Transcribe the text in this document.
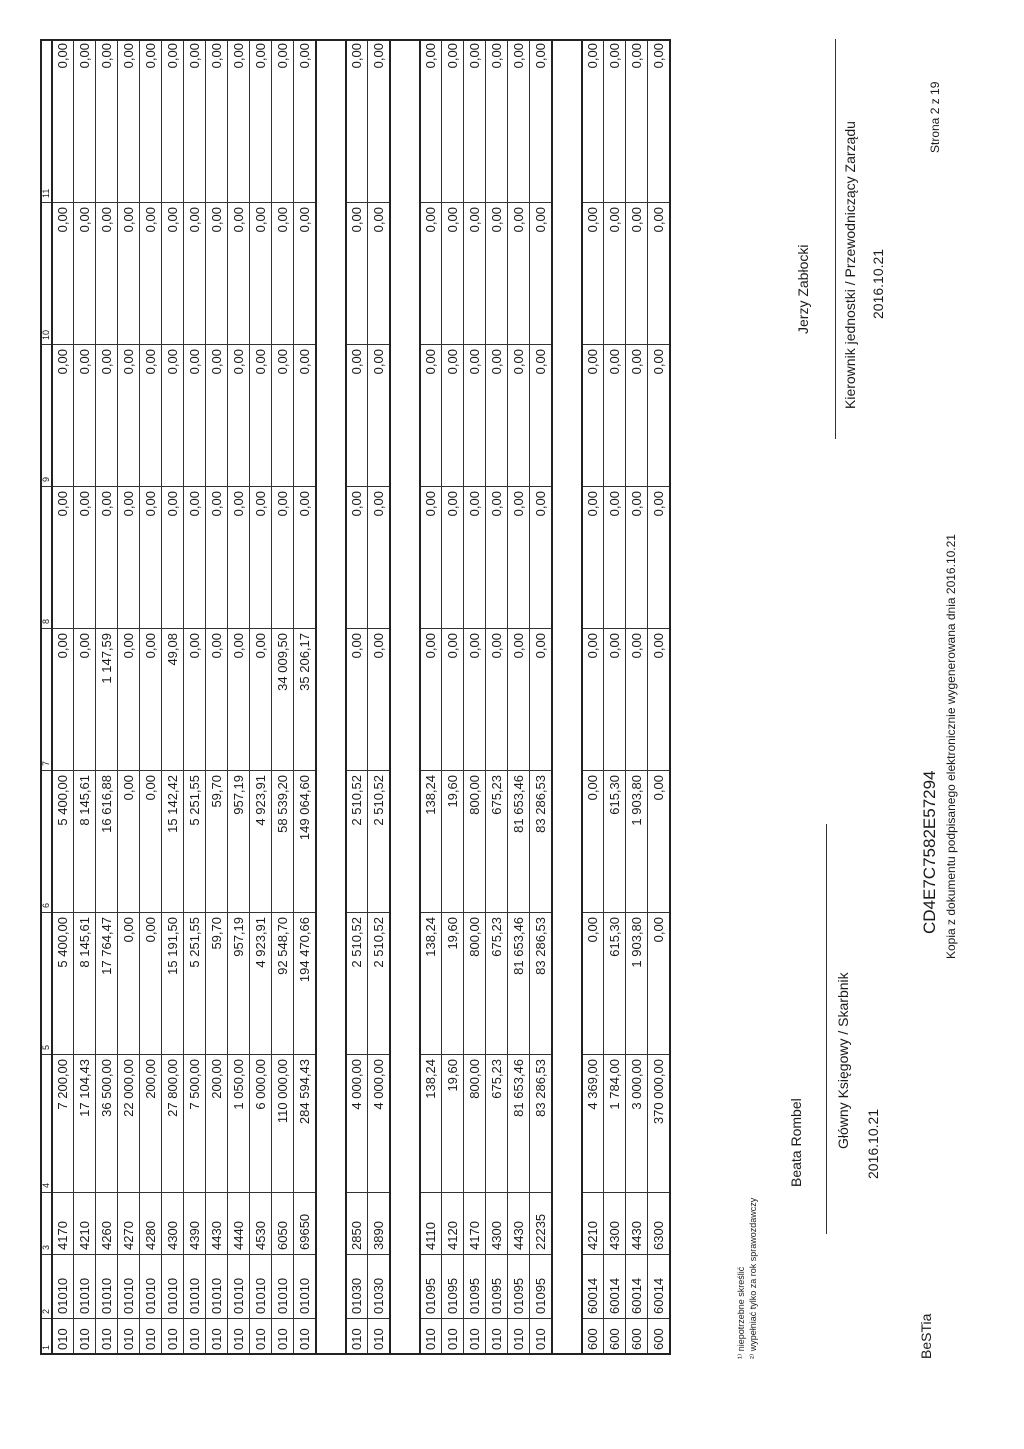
1
2
3
4
5
6
7
8
9
10
11
010
01010
4170
7 200,00
5 400,00
5 400,00
0,00
0,00
0,00
0,00
0,00
010
01010
4210
17 104,43
8 145,61
8 145,61
0,00
0,00
0,00
0,00
0,00
010
01010
4260
36 500,00
17 764,47
16 616,88
1 147,59
0,00
0,00
0,00
0,00
010
01010
4270
22 000,00
0,00
0,00
0,00
0,00
0,00
0,00
0,00
010
01010
4280
200,00
0,00
0,00
0,00
0,00
0,00
0,00
0,00
010
01010
4300
27 800,00
15 191,50
15 142,42
49,08
0,00
0,00
0,00
0,00
010
01010
4390
7 500,00
5 251,55
5 251,55
0,00
0,00
0,00
0,00
0,00
010
01010
4430
200,00
59,70
59,70
0,00
0,00
0,00
0,00
0,00
010
01010
4440
1 050,00
957,19
957,19
0,00
0,00
0,00
0,00
0,00
010
01010
4530
6 000,00
4 923,91
4 923,91
0,00
0,00
0,00
0,00
0,00
010
01010
6050
110 000,00
92 548,70
58 539,20
34 009,50
0,00
0,00
0,00
0,00
010
01010
69650
284 594,43
194 470,66
149 064,60
35 206,17
0,00
0,00
0,00
0,00
010
01030
2850
4 000,00
2 510,52
2 510,52
0,00
0,00
0,00
0,00
0,00
010
01030
3890
4 000,00
2 510,52
2 510,52
0,00
0,00
0,00
0,00
0,00
010
01095
4110
138,24
138,24
138,24
0,00
0,00
0,00
0,00
0,00
010
01095
4120
19,60
19,60
19,60
0,00
0,00
0,00
0,00
0,00
010
01095
4170
800,00
800,00
800,00
0,00
0,00
0,00
0,00
0,00
010
01095
4300
675,23
675,23
675,23
0,00
0,00
0,00
0,00
0,00
010
01095
4430
81 653,46
81 653,46
81 653,46
0,00
0,00
0,00
0,00
0,00
010
01095
22235
83 286,53
83 286,53
83 286,53
0,00
0,00
0,00
0,00
0,00
600
60014
4210
4 369,00
0,00
0,00
0,00
0,00
0,00
0,00
0,00
600
60014
4300
1 784,00
615,30
615,30
0,00
0,00
0,00
0,00
0,00
600
60014
4430
3 000,00
1 903,80
1 903,80
0,00
0,00
0,00
0,00
0,00
600
60014
6300
370 000,00
0,00
0,00
0,00
0,00
0,00
0,00
0,00
¹⁾ niepotrzebne skreślić ²⁾ wypełniać tylko za rok sprawozdawczy
Beata Rombel Główny Księgowy / Skarbnik 2016.10.21
Jerzy Zabłocki Kierownik jednostki / Przewodniczący Zarządu 2016.10.21
BeSTia
CD4E7C7582E57294 Kopia z dokumentu podpisanego elektronicznie wygenerowana dnia 2016.10.21
Strona 2 z 19
